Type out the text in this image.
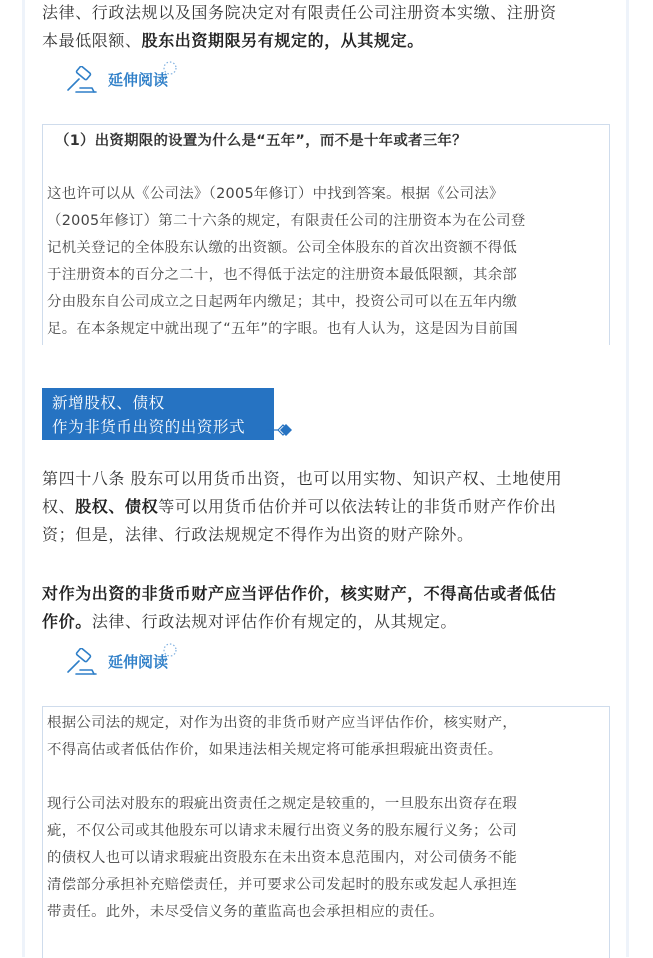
法律、行政法规以及国务院决定对有限责任公司注册资本实缴、注册资
本最低限额、股东出资期限另有规定的，从其规定。

延伸阅读
（1）出资期限的设置为什么是“五年”，而不是十年或者三年？
这也许可以从《公司法》（2005年修订）中找到答案。根据《公司法》
（2005年修订）第二十六条的规定，有限责任公司的注册资本为在公司登
记机关登记的全体股东认缴的出资额。公司全体股东的首次出资额不得低
于注册资本的百分之二十，也不得低于法定的注册资本最低限额，其余部
分由股东自公司成立之日起两年内缴足；其中，投资公司可以在五年内缴
足。在本条规定中就出现了“五年”的字眼。也有人认为，这是因为目前国
新增股权、债权
作为非货币出资的出资形式

第四十八条 股东可以用货币出资，也可以用实物、知识产权、土地使用
权、股权、债权等可以用货币估价并可以依法转让的非货币财产作价出
资；但是，法律、行政法规规定不得作为出资的财产除外。

对作为出资的非货币财产应当评估作价，核实财产，不得高估或者低估
作价。法律、行政法规对评估作价有规定的，从其规定。

延伸阅读
根据公司法的规定，对作为出资的非货币财产应当评估作价，核实财产，
不得高估或者低估作价，如果违法相关规定将可能承担瑕疵出资责任。
现行公司法对股东的瑕疵出资责任之规定是较重的，一旦股东出资存在瑕
疵，不仅公司或其他股东可以请求未履行出资义务的股东履行义务；公司
的债权人也可以请求瑕疵出资股东在未出资本息范围内，对公司债务不能
清偿部分承担补充赔偿责任，并可要求公司发起时的股东或发起人承担连
带责任。此外，未尽受信义务的董监高也会承担相应的责任。
